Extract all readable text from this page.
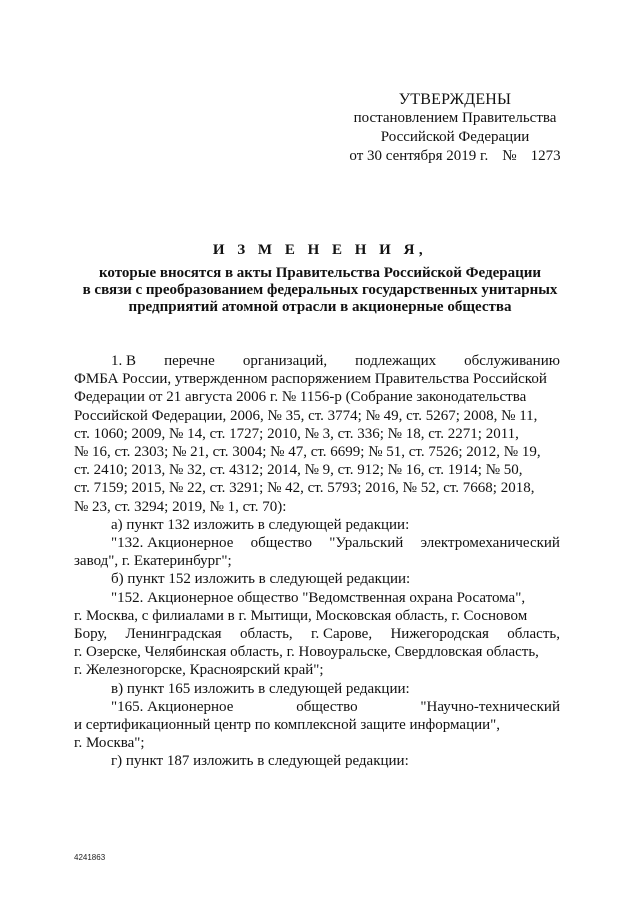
УТВЕРЖДЕНЫ
постановлением Правительства
Российской Федерации
от 30 сентября 2019 г. № 1273
И З М Е Н Е Н И Я,
которые вносятся в акты Правительства Российской Федерации
в связи с преобразованием федеральных государственных унитарных
предприятий атомной отрасли в акционерные общества
1. В перечне организаций, подлежащих обслуживанию
ФМБА России, утвержденном распоряжением Правительства Российской
Федерации от 21 августа 2006 г. № 1156-р (Собрание законодательства
Российской Федерации, 2006, № 35, ст. 3774; № 49, ст. 5267; 2008, № 11,
ст. 1060; 2009, № 14, ст. 1727; 2010, № 3, ст. 336; № 18, ст. 2271; 2011,
№ 16, ст. 2303; № 21, ст. 3004; № 47, ст. 6699; № 51, ст. 7526; 2012, № 19,
ст. 2410; 2013, № 32, ст. 4312; 2014, № 9, ст. 912; № 16, ст. 1914; № 50,
ст. 7159; 2015, № 22, ст. 3291; № 42, ст. 5793; 2016, № 52, ст. 7668; 2018,
№ 23, ст. 3294; 2019, № 1, ст. 70):
а) пункт 132 изложить в следующей редакции:
"132. Акционерное общество "Уральский электромеханический
завод", г. Екатеринбург";
б) пункт 152 изложить в следующей редакции:
"152. Акционерное общество "Ведомственная охрана Росатома",
г. Москва, с филиалами в г. Мытищи, Московская область, г. Сосновом
Бору, Ленинградская область, г. Сарове, Нижегородская область,
г. Озерске, Челябинская область, г. Новоуральске, Свердловская область,
г. Железногорске, Красноярский край";
в) пункт 165 изложить в следующей редакции:
"165. Акционерное	общество	"Научно-технический
и сертификационный центр по комплексной защите информации",
г. Москва";
г) пункт 187 изложить в следующей редакции:
4241863
